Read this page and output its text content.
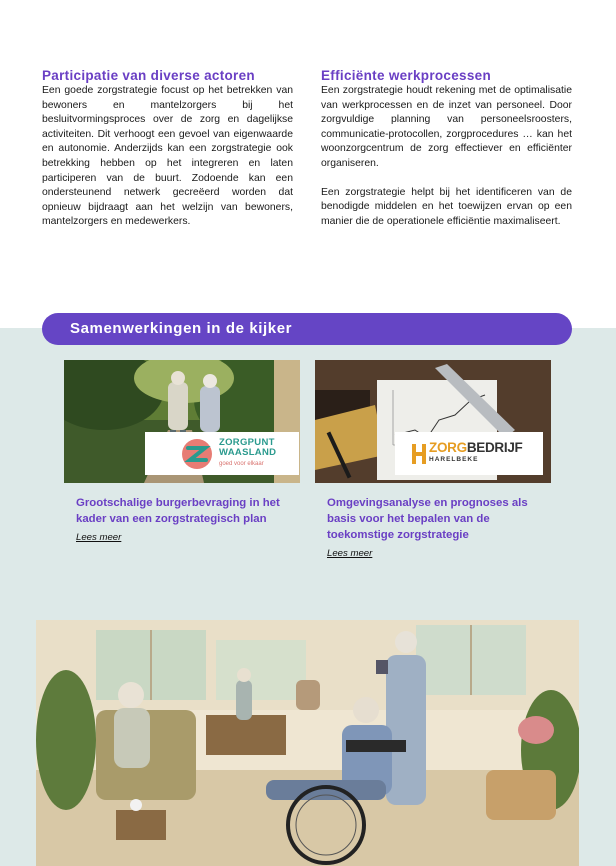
Participatie van diverse actoren

Een goede zorgstrategie focust op het betrekken van bewoners en mantelzorgers bij het besluitvormingsproces over de zorg en dagelijkse activiteiten. Dit verhoogt een gevoel van eigenwaarde en autonomie. Anderzijds kan een zorgstrategie ook betrekking hebben op het integreren en laten participeren van de buurt. Zodoende kan een ondersteunend netwerk gecreëerd worden dat opnieuw bijdraagt aan het welzijn van bewoners, mantelzorgers en medewerkers.

Efficiënte werkprocessen

Een zorgstrategie houdt rekening met de optimalisatie van werkprocessen en de inzet van personeel. Door zorgvuldige planning van personeelsroosters, communicatie-protocollen, zorgprocedures … kan het woonzorgcentrum de zorg effectiever en efficiënter organiseren.

Een zorgstrategie helpt bij het identificeren van de benodigde middelen en het toewijzen ervan op een manier die de operationele efficiëntie maximaliseert.

Samenwerkingen in de kijker
ZORGPUNT
WAASLAND
goed voor elkaar
Grootschalige burgerbevraging in het kader van een zorgstrategisch plan
Lees meer
ZORGBEDRIJF
HARELBEKE
Omgevingsanalyse en prognoses als basis voor het bepalen van de toekomstige zorgstrategie
Lees meer
